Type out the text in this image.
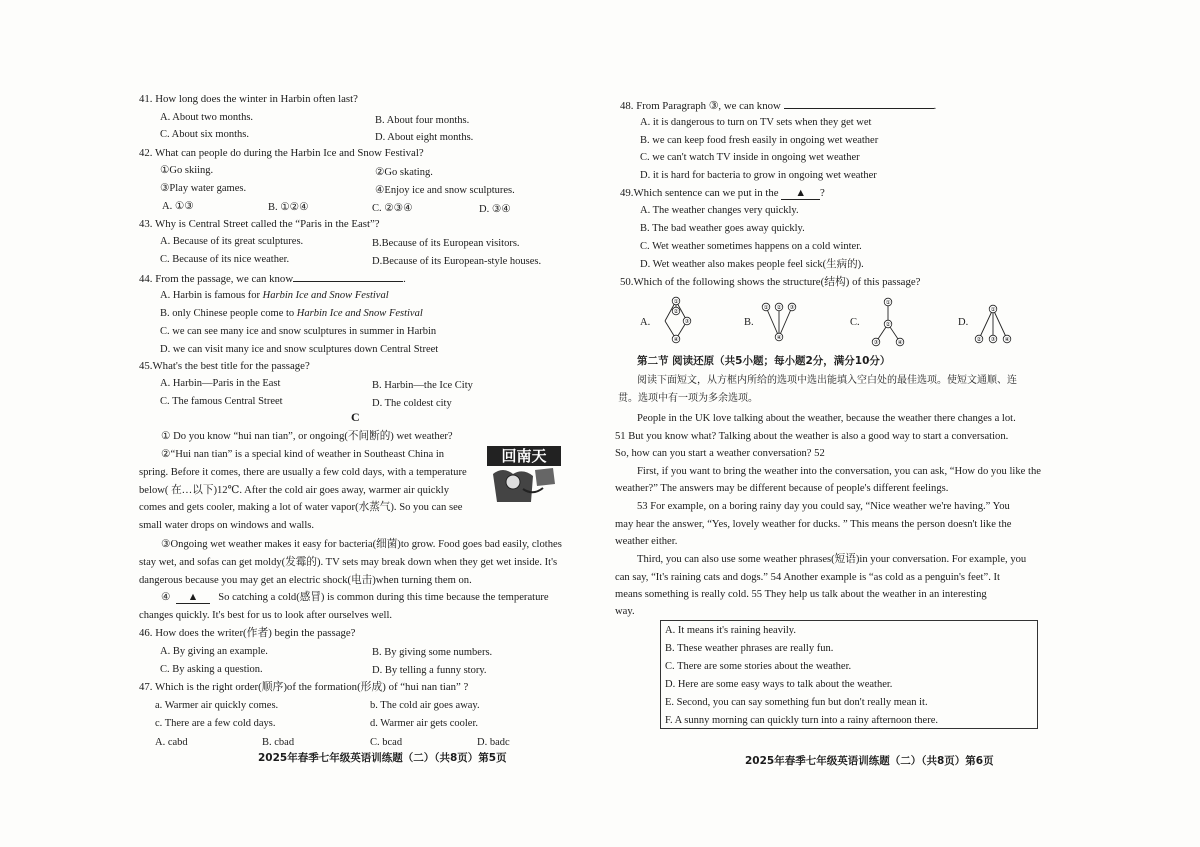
41. How long does the winter in Harbin often last?
A. About two months.	B. About four months.
C. About six months.	D. About eight months.
42. What can people do during the Harbin Ice and Snow Festival?
①Go skiing.	②Go skating.
③Play water games.	④Enjoy ice and snow sculptures.
A. ①③	B. ①②④	C. ②③④	D. ③④
43. Why is Central Street called the “Paris in the East”?
A. Because of its great sculptures.	B.Because of its European visitors.
C. Because of its nice weather.	D.Because of its European-style houses.
44. From the passage, we can know	.
A. Harbin is famous for Harbin Ice and Snow Festival
B. only Chinese people come to Harbin Ice and Snow Festival
C. we can see many ice and snow sculptures in summer in Harbin
D. we can visit many ice and snow sculptures down Central Street
45.What's the best title for the passage?
A. Harbin—Paris in the East	B. Harbin—the Ice City
C. The famous Central Street	D. The coldest city
C
① Do you know “hui nan tian”, or ongoing(不间断的) wet weather?
②“Hui nan tian” is a special kind of weather in Southeast China in
spring. Before it comes, there are usually a few cold days, with a temperature
below( 在…以下)12℃. After the cold air goes away, warmer air quickly
comes and gets cooler, making a lot of water vapor(水蒸气). So you can see
small water drops on windows and walls.
③Ongoing wet weather makes it easy for bacteria(细菌)to grow. Food goes bad easily, clothes
stay wet, and sofas can get moldy(发霉的). TV sets may break down when they get wet inside. It's
dangerous because you may get an electric shock(电击)when turning them on.
④ ▲ So catching a cold(感冒) is common during this time because the temperature
changes quickly. It's best for us to look after ourselves well.
回南天
46. How does the writer(作者) begin the passage?
A. By giving an example.	B. By giving some numbers.
C. By asking a question.	D. By telling a funny story.
47. Which is the right order(顺序)of the formation(形成) of “hui nan tian” ?
a. Warmer air quickly comes.	b. The cold air goes away.
c. There are a few cold days.	d. Warmer air gets cooler.
A. cabd	B. cbad	C. bcad	D. badc
2025年春季七年级英语训练题（二）（共8页）第5页
48. From Paragraph ③, we can know	.
A. it is dangerous to turn on TV sets when they get wet
B. we can keep food fresh easily in ongoing wet weather
C. we can't watch TV inside in ongoing wet weather
D. it is hard for bacteria to grow in ongoing wet weather
49.Which sentence can we put in the ▲ ?
A. The weather changes very quickly.
B. The bad weather goes away quickly.
C. Wet weather sometimes happens on a cold winter.
D. Wet weather also makes people feel sick(生病的).
50.Which of the following shows the structure(结构) of this passage?
A.
①
②
③
④
B.
① ② ③
④
C.
①
②
③	④
D.
①
② ③ ④
第二节 阅读还原（共5小题；每小题2分，满分10分）
阅读下面短文，从方框内所给的选项中选出能填入空白处的最佳选项。使短文通顺、连
贯。选项中有一项为多余选项。
People in the UK love talking about the weather, because the weather there changes a lot.
51 But you know what? Talking about the weather is also a good way to start a conversation.
So, how can you start a weather conversation? 52
First, if you want to bring the weather into the conversation, you can ask, “How do you like the
weather?” The answers may be different because of people's different feelings.
53 For example, on a boring rainy day you could say, “Nice weather we're having.” You
may hear the answer, “Yes, lovely weather for ducks. ” This means the person doesn't like the
weather either.
Third, you can also use some weather phrases(短语)in your conversation. For example, you
can say, “It's raining cats and dogs.” 54 Another example is “as cold as a penguin's feet”. It
means something is really cold. 55 They help us talk about the weather in an interesting
way.
2025年春季七年级英语训练题（二）（共8页）第6页
A. It means it's raining heavily.
B. These weather phrases are really fun.
C. There are some stories about the weather.
D. Here are some easy ways to talk about the weather.
E. Second, you can say something fun but don't really mean it.
F. A sunny morning can quickly turn into a rainy afternoon there.
